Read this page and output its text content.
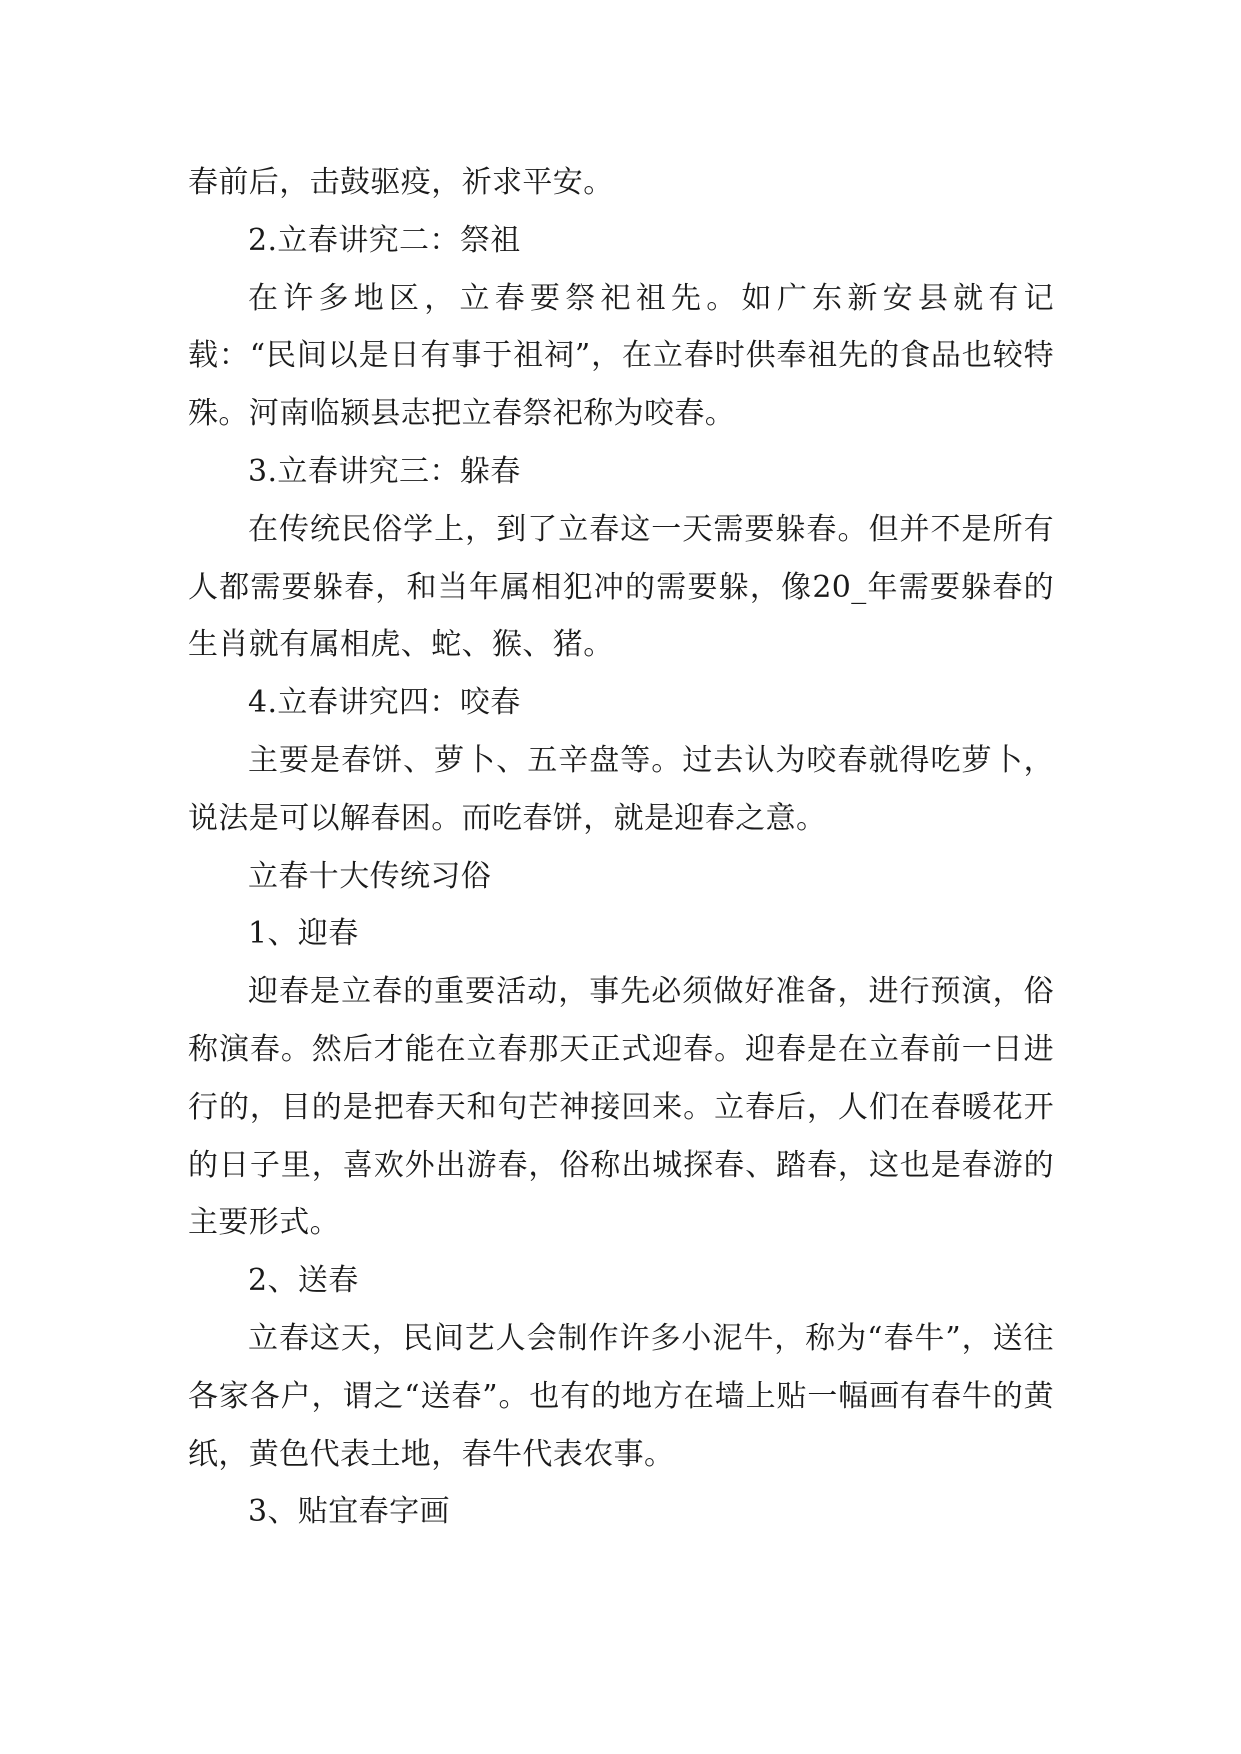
春前后，击鼓驱疫，祈求平安。

2.立春讲究二：祭祖

在许多地区，立春要祭祀祖先。如广东新安县就有记载：“民间以是日有事于祖祠”，在立春时供奉祖先的食品也较特殊。河南临颍县志把立春祭祀称为咬春。

3.立春讲究三：躲春

在传统民俗学上，到了立春这一天需要躲春。但并不是所有人都需要躲春，和当年属相犯冲的需要躲，像20_年需要躲春的生肖就有属相虎、蛇、猴、猪。

4.立春讲究四：咬春

主要是春饼、萝卜、五辛盘等。过去认为咬春就得吃萝卜，说法是可以解春困。而吃春饼，就是迎春之意。

立春十大传统习俗

1、迎春

迎春是立春的重要活动，事先必须做好准备，进行预演，俗称演春。然后才能在立春那天正式迎春。迎春是在立春前一日进行的，目的是把春天和句芒神接回来。立春后，人们在春暖花开的日子里，喜欢外出游春，俗称出城探春、踏春，这也是春游的主要形式。

2、送春

立春这天，民间艺人会制作许多小泥牛，称为“春牛”，送往各家各户，谓之“送春”。也有的地方在墙上贴一幅画有春牛的黄纸，黄色代表土地，春牛代表农事。

3、贴宜春字画
